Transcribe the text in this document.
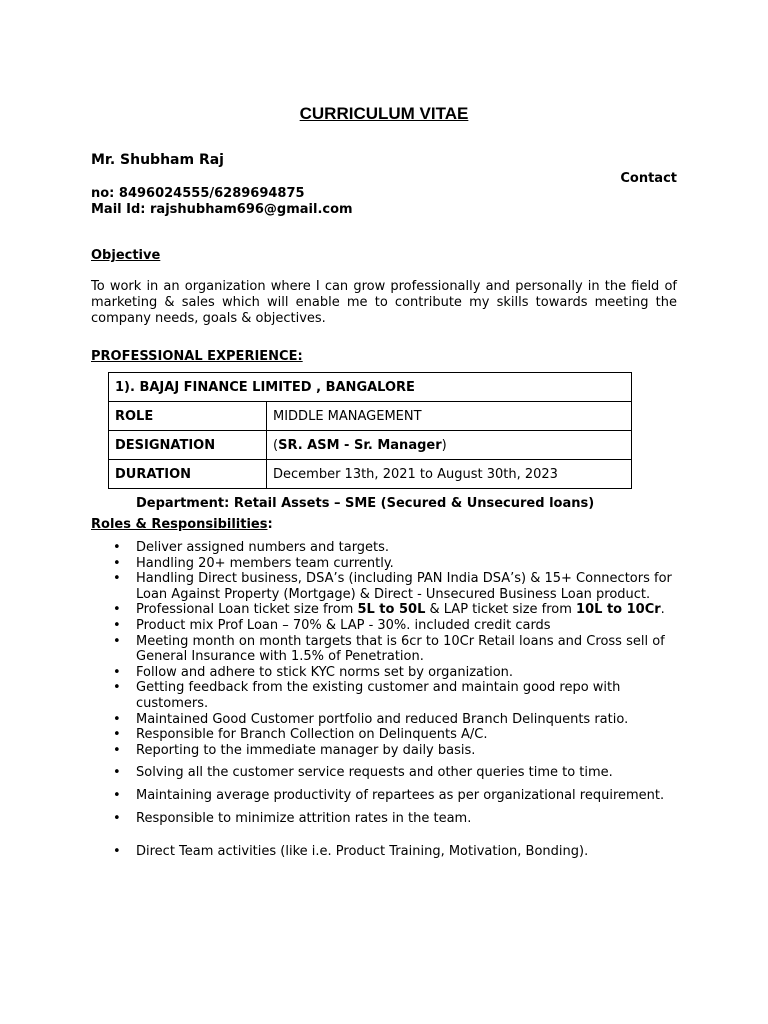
CURRICULUM VITAE
Mr. Shubham Raj
Contact
no: 8496024555/6289694875
Mail Id: rajshubham696@gmail.com
Objective
To work in an organization where I can grow professionally and personally in the field of marketing & sales which will enable me to contribute my skills towards meeting the company needs, goals & objectives.
PROFESSIONAL EXPERIENCE:
1). BAJAJ FINANCE LIMITED , BANGALORE	
ROLE	MIDDLE MANAGEMENT
DESIGNATION	(SR. ASM - Sr. Manager)
DURATION	December 13th, 2021 to August 30th, 2023
Department: Retail Assets – SME (Secured & Unsecured loans)
Roles & Responsibilities:
• Deliver assigned numbers and targets.
• Handling 20+ members team currently.
• Handling Direct business, DSA’s (including PAN India DSA’s) & 15+ Connectors for Loan Against Property (Mortgage) & Direct - Unsecured Business Loan product.
• Professional Loan ticket size from 5L to 50L & LAP ticket size from 10L to 10Cr.
• Product mix Prof Loan – 70% & LAP - 30%. included credit cards
• Meeting month on month targets that is 6cr to 10Cr Retail loans and Cross sell of General Insurance with 1.5% of Penetration.
• Follow and adhere to stick KYC norms set by organization.
• Getting feedback from the existing customer and maintain good repo with customers.
• Maintained Good Customer portfolio and reduced Branch Delinquents ratio.
• Responsible for Branch Collection on Delinquents A/C.
• Reporting to the immediate manager by daily basis.
• Solving all the customer service requests and other queries time to time.
• Maintaining average productivity of repartees as per organizational requirement.
• Responsible to minimize attrition rates in the team.
• Direct Team activities (like i.e. Product Training, Motivation, Bonding).
